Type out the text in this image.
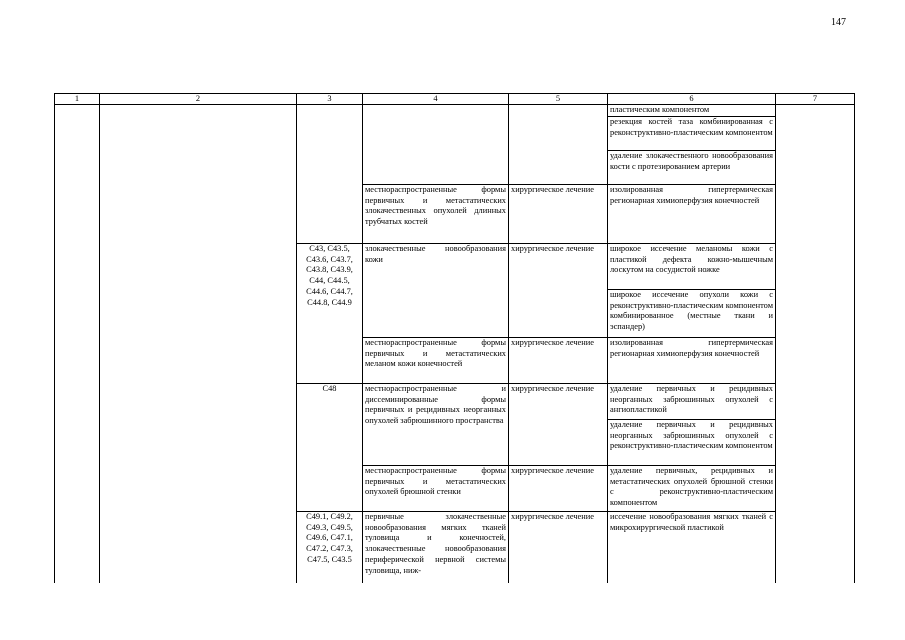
147
1	2	3	4	5	6	7
					пластическим компонентом	
					резекция костей таза комбинированная с реконструктивно-пластическим компонентом	
					удаление злокачественного новообразования кости с протезированием артерии	
			местнораспространенные формы первичных и метастатических злокачественных опухолей длинных трубчатых костей	хирургическое лечение	изолированная гипертермическая регионарная химиоперфузия конечностей	
		C43, C43.5, C43.6, C43.7, C43.8, C43.9, C44, C44.5, C44.6, C44.7, C44.8, C44.9	злокачественные новообразования кожи	хирургическое лечение	широкое иссечение меланомы кожи с пластикой дефекта кожно-мышечным лоскутом на сосудистой ножке	
					широкое иссечение опухоли кожи с реконструктивно-пластическим компонентом комбинированное (местные ткани и эспандер)	
			местнораспространенные формы первичных и метастатических меланом кожи конечностей	хирургическое лечение	изолированная гипертермическая регионарная химиоперфузия конечностей	
		C48	местнораспространенные и диссеминированные формы первичных и рецидивных неорганных опухолей забрюшинного пространства	хирургическое лечение	удаление первичных и рецидивных неорганных забрюшинных опухолей с ангиопластикой	
					удаление первичных и рецидивных неорганных забрюшинных опухолей с реконструктивно-пластическим компонентом	
			местнораспространенные формы первичных и метастатических опухолей брюшной стенки	хирургическое лечение	удаление первичных, рецидивных и метастатических опухолей брюшной стенки с реконструктивно-пластическим компонентом	
		C49.1, C49.2, C49.3, C49.5, C49.6, C47.1, C47.2, C47.3, C47.5, C43.5	первичные злокачественные новообразования мягких тканей туловища и конечностей, злокачественные новообразования периферической нервной системы туловища, ниж-	хирургическое лечение	иссечение новообразования мягких тканей с микрохирургической пластикой	
